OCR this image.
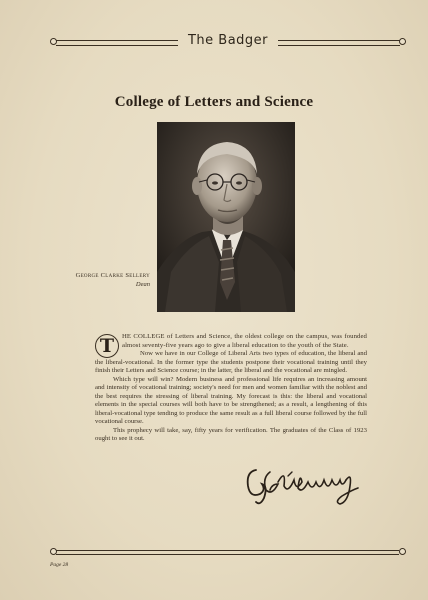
The Badger
College of Letters and Science
George Clarke Sellery
Dean

T	HE COLLEGE of Letters and Science, the oldest college on the campus, was founded almost seventy-five years ago to give a liberal education to the youth of the State.

Now we have in our College of Liberal Arts two types of education, the liberal and the liberal-vocational. In the former type the students postpone their vocational training until they finish their Letters and Science course; in the latter, the liberal and the vocational are mingled.

Which type will win? Modern business and professional life requires an increasing amount and intensity of vocational training; society's need for men and women familiar with the noblest and the best requires the stressing of liberal training. My forecast is this: the liberal and vocational elements in the special courses will both have to be strengthened; as a result, a lengthening of this liberal-vocational type tending to produce the same result as a full liberal course followed by the full vocational course.

This prophecy will take, say, fifty years for verification. The graduates of the Class of 1923 ought to see it out.

Page 28
